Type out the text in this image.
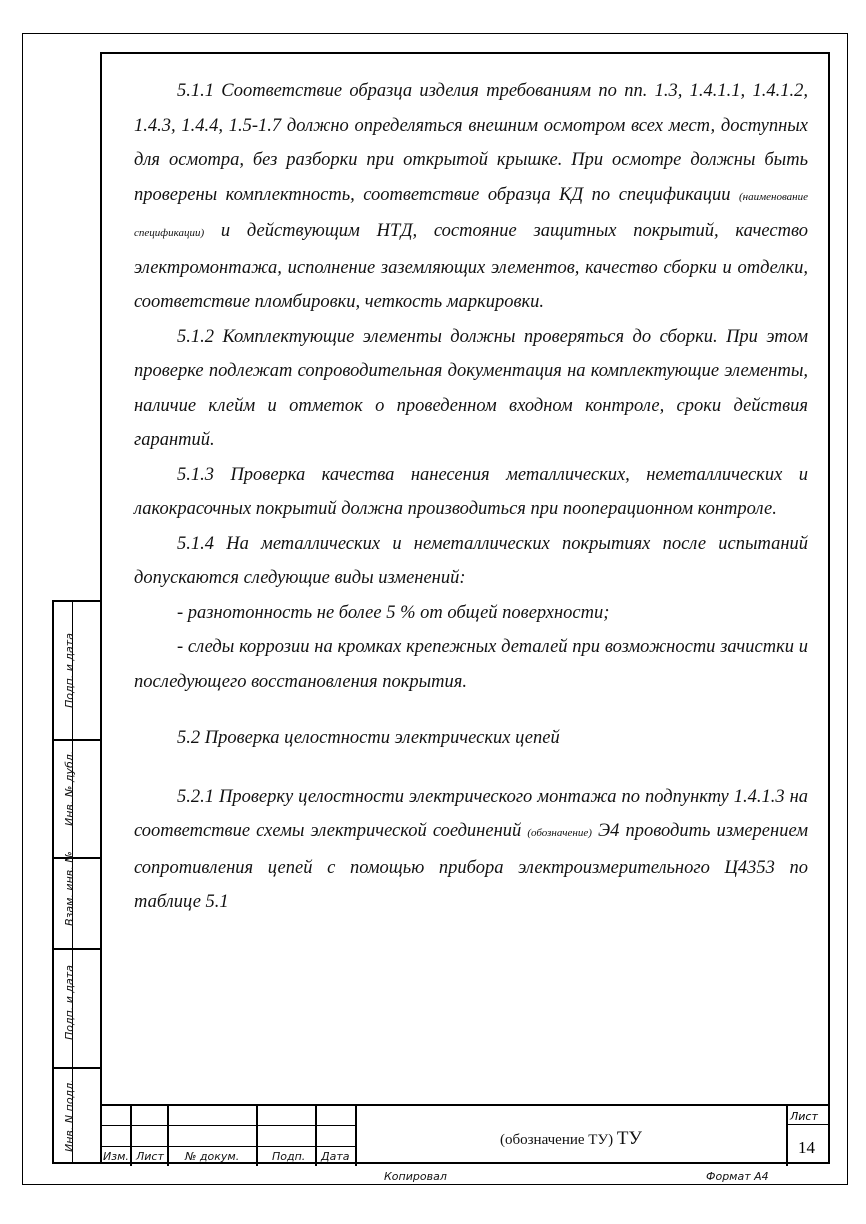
5.1.1 Соответствие образца изделия требованиям по пп. 1.3, 1.4.1.1, 1.4.1.2, 1.4.3, 1.4.4, 1.5-1.7 должно определяться внешним осмотром всех мест, доступных для осмотра, без разборки при открытой крышке. При осмотре должны быть проверены комплектность, соответствие образца КД по спецификации (наименование спецификации) и действующим НТД, состояние защитных покрытий, качество электромонтажа, исполнение заземляющих элементов, качество сборки и отделки, соответствие пломбировки, четкость маркировки.

5.1.2 Комплектующие элементы должны проверяться до сборки. При этом проверке подлежат сопроводительная документация на комплектующие элементы, наличие клейм и отметок о проведенном входном контроле, сроки действия гарантий.

5.1.3 Проверка качества нанесения металлических, неметаллических и лакокрасочных покрытий должна производиться при пооперационном контроле.

5.1.4 На металлических и неметаллических покрытиях после испытаний допускаются следующие виды изменений:

- разнотонность не более 5 % от общей поверхности;

- следы коррозии на кромках крепежных деталей при возможности зачистки и последующего восстановления покрытия.

5.2 Проверка целостности электрических цепей

5.2.1 Проверку целостности электрического монтажа по подпункту 1.4.1.3 на соответствие схемы электрической соединений (обозначение) Э4 проводить измерением сопротивления цепей с помощью прибора электроизмерительного Ц4353 по таблице 5.1

Подп. и дата
Инв. № дубл.
Взам. инв. №
Подп. и дата
Инв. N подл.
Изм. Лист № докум.	Подп. Дата
(обозначение ТУ) ТУ
Лист
14
Копировал	Формат А4
